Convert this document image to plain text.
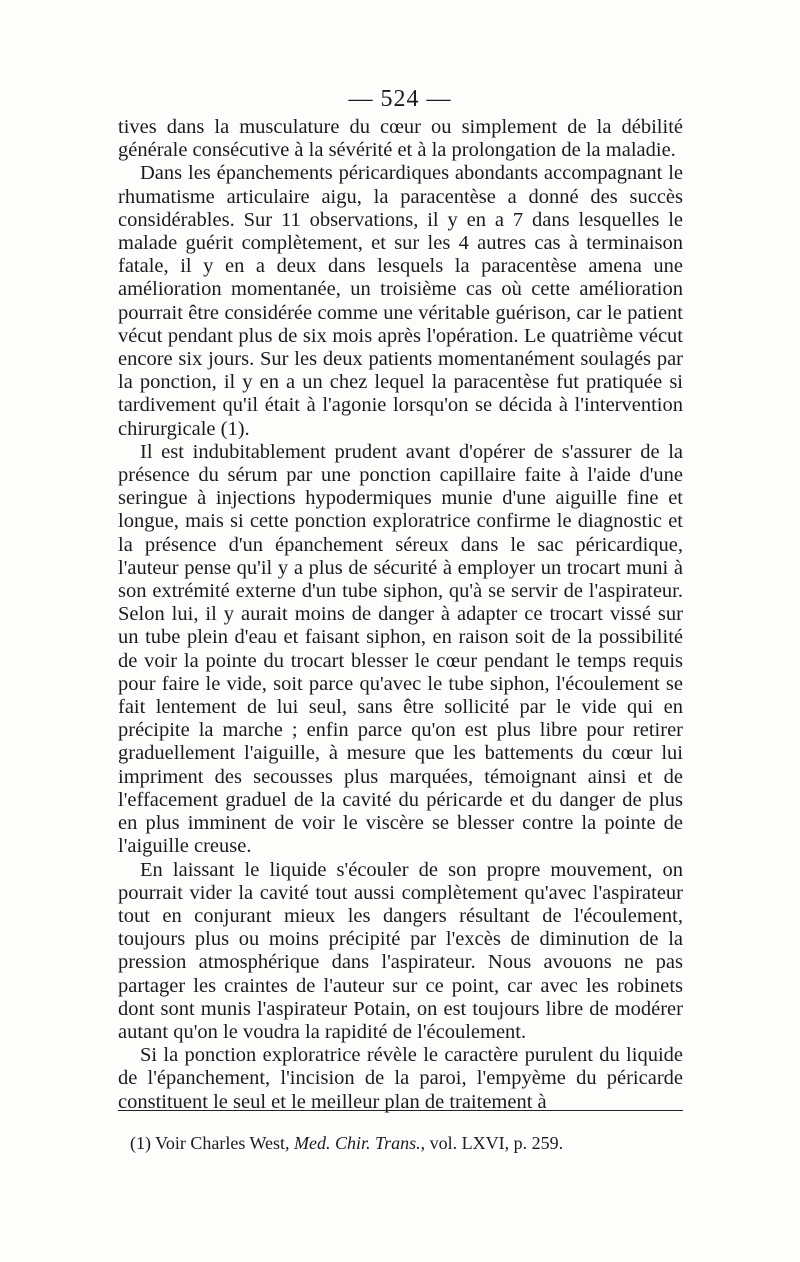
— 524 —

tives dans la musculature du cœur ou simplement de la débilité générale consécutive à la sévérité et à la prolongation de la maladie.

Dans les épanchements péricardiques abondants accompagnant le rhumatisme articulaire aigu, la paracentèse a donné des succès considérables. Sur 11 observations, il y en a 7 dans lesquelles le malade guérit complètement, et sur les 4 autres cas à terminaison fatale, il y en a deux dans lesquels la paracentèse amena une amélioration momentanée, un troisième cas où cette amélioration pourrait être considérée comme une véritable guérison, car le patient vécut pendant plus de six mois après l'opération. Le quatrième vécut encore six jours. Sur les deux patients momentanément soulagés par la ponction, il y en a un chez lequel la paracentèse fut pratiquée si tardivement qu'il était à l'agonie lorsqu'on se décida à l'intervention chirurgicale (1).

Il est indubitablement prudent avant d'opérer de s'assurer de la présence du sérum par une ponction capillaire faite à l'aide d'une seringue à injections hypodermiques munie d'une aiguille fine et longue, mais si cette ponction exploratrice confirme le diagnostic et la présence d'un épanchement séreux dans le sac péricardique, l'auteur pense qu'il y a plus de sécurité à employer un trocart muni à son extrémité externe d'un tube siphon, qu'à se servir de l'aspirateur. Selon lui, il y aurait moins de danger à adapter ce trocart vissé sur un tube plein d'eau et faisant siphon, en raison soit de la possibilité de voir la pointe du trocart blesser le cœur pendant le temps requis pour faire le vide, soit parce qu'avec le tube siphon, l'écoulement se fait lentement de lui seul, sans être sollicité par le vide qui en précipite la marche ; enfin parce qu'on est plus libre pour retirer graduellement l'aiguille, à mesure que les battements du cœur lui impriment des secousses plus marquées, témoignant ainsi et de l'effacement graduel de la cavité du péricarde et du danger de plus en plus imminent de voir le viscère se blesser contre la pointe de l'aiguille creuse.

En laissant le liquide s'écouler de son propre mouvement, on pourrait vider la cavité tout aussi complètement qu'avec l'aspirateur tout en conjurant mieux les dangers résultant de l'écoulement, toujours plus ou moins précipité par l'excès de diminution de la pression atmosphérique dans l'aspirateur. Nous avouons ne pas partager les craintes de l'auteur sur ce point, car avec les robinets dont sont munis l'aspirateur Potain, on est toujours libre de modérer autant qu'on le voudra la rapidité de l'écoulement.

Si la ponction exploratrice révèle le caractère purulent du liquide de l'épanchement, l'incision de la paroi, l'empyème du péricarde constituent le seul et le meilleur plan de traitement à

(1) Voir Charles West, Med. Chir. Trans., vol. LXVI, p. 259.
